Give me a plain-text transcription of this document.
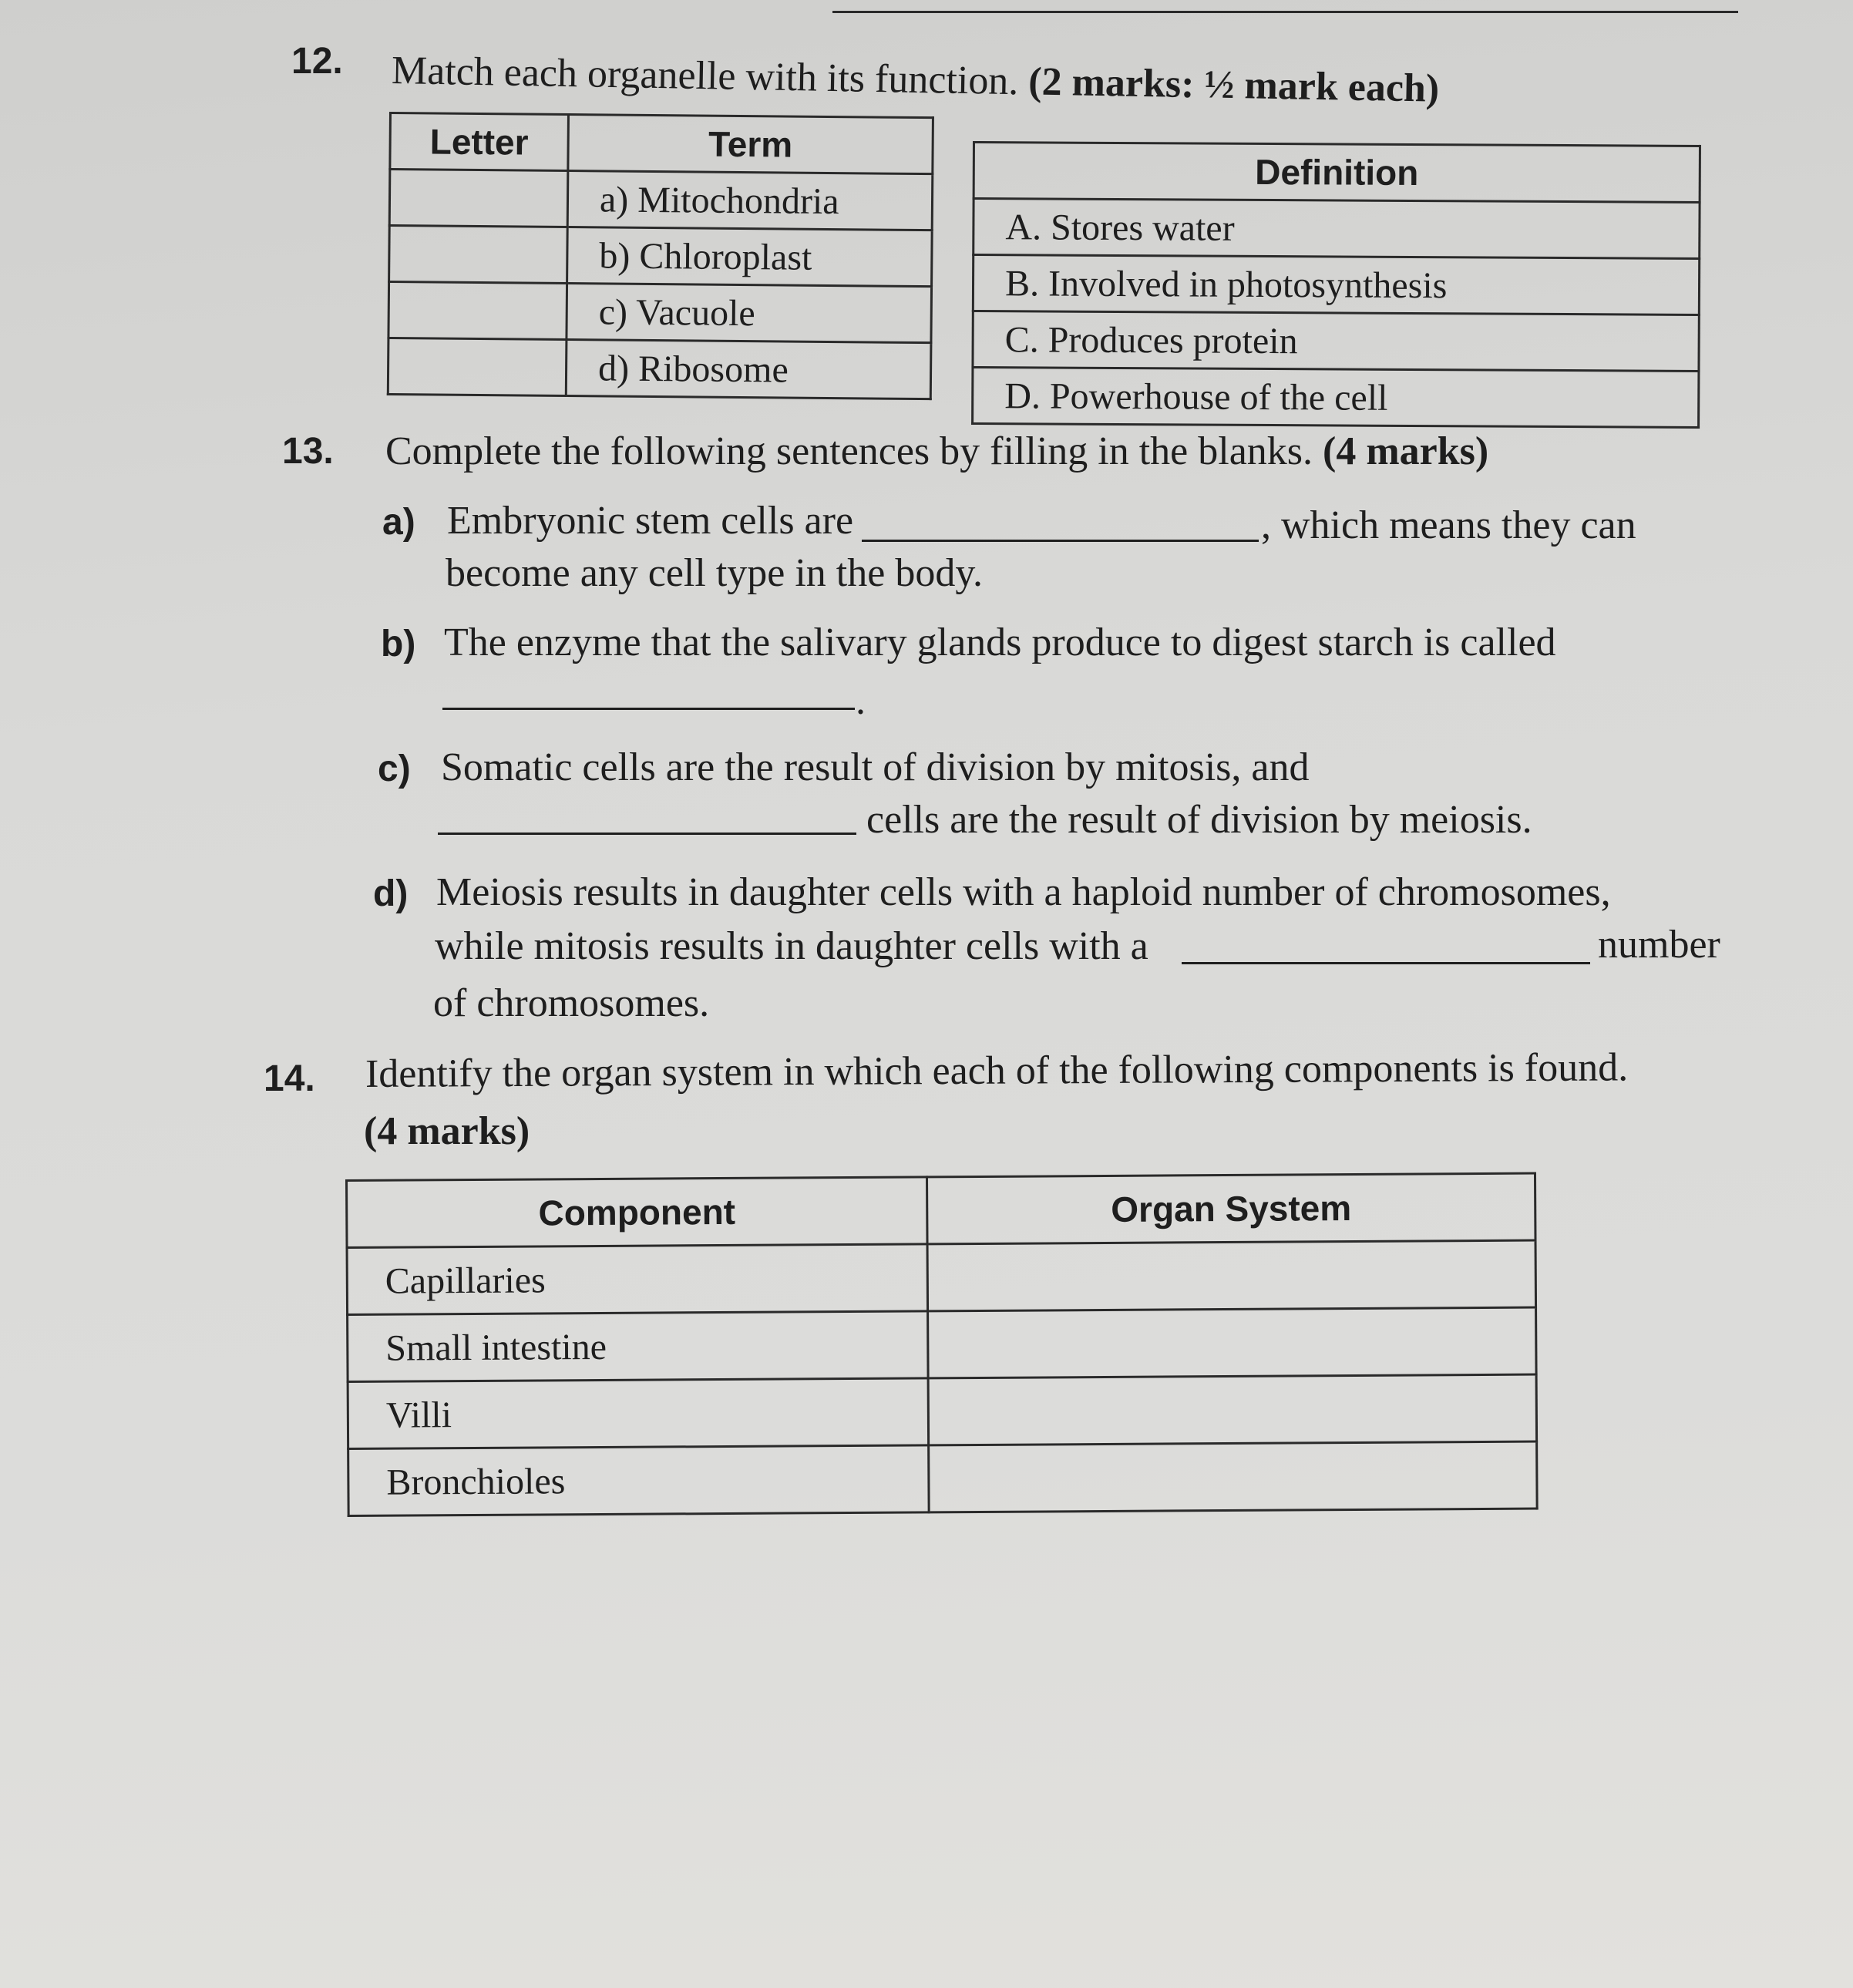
12. Match each organelle with its function. (2 marks: ½ mark each)
Letter	Term
	a) Mitochondria
	b) Chloroplast
	c) Vacuole
	d) Ribosome
Definition
A. Stores water
B. Involved in photosynthesis
C. Produces protein
D. Powerhouse of the cell
13. Complete the following sentences by filling in the blanks. (4 marks)
a) Embryonic stem cells are	, which means they can
become any cell type in the body.
b) The enzyme that the salivary glands produce to digest starch is called
.
c) Somatic cells are the result of division by mitosis, and
cells are the result of division by meiosis.
d) Meiosis results in daughter cells with a haploid number of chromosomes,
while mitosis results in daughter cells with a	number
of chromosomes.
14. Identify the organ system in which each of the following components is found.
(4 marks)
Component	Organ System
Capillaries	
Small intestine	
Villi	
Bronchioles	
